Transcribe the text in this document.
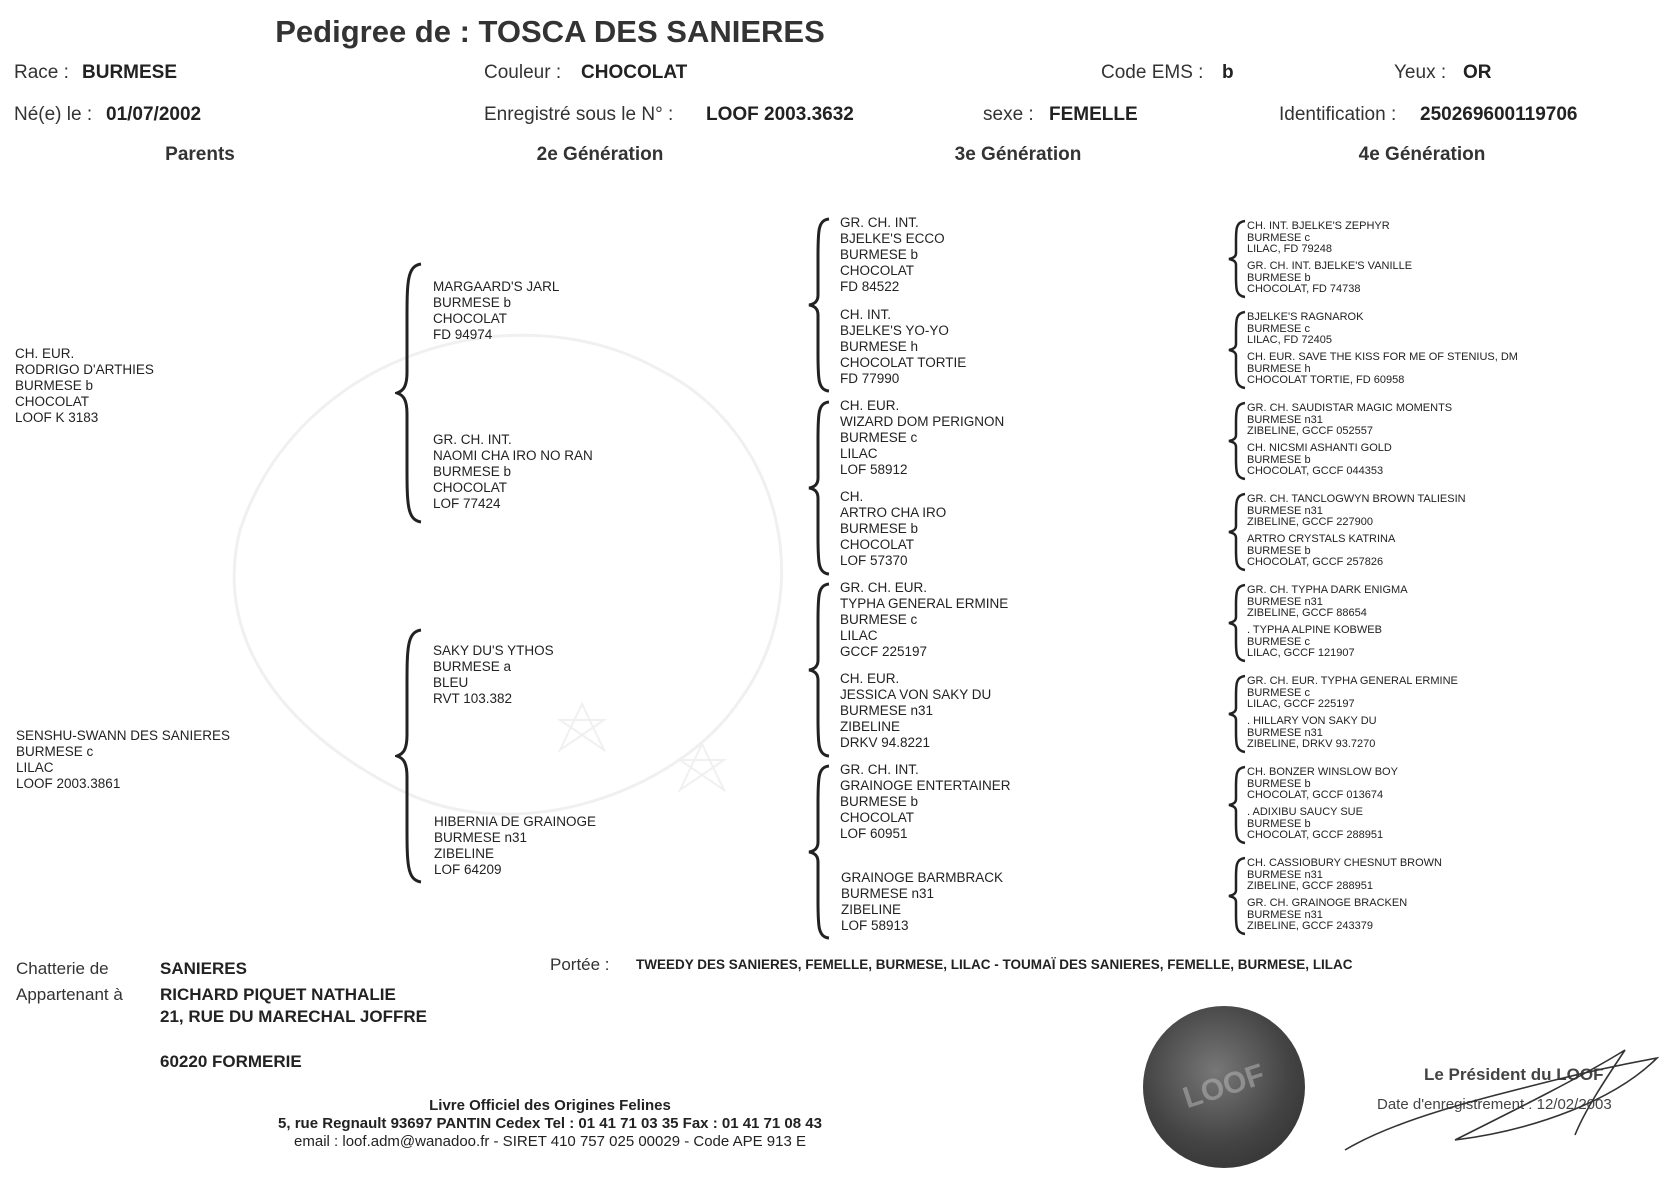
Pedigree de : TOSCA DES SANIERES
Race : BURMESE	Couleur : CHOCOLAT	Code EMS : b	Yeux : OR
Né(e) le : 01/07/2002	Enregistré sous le N° : LOOF 2003.3632	sexe : FEMELLE	Identification : 250269600119706
Parents	2e Génération	3e Génération	4e Génération
CH. EUR.
RODRIGO D'ARTHIES
BURMESE b
CHOCOLAT
LOOF K 3183
SENSHU-SWANN DES SANIERES
BURMESE c
LILAC
LOOF 2003.3861
MARGAARD'S JARL
BURMESE b
CHOCOLAT
FD 94974
GR. CH. INT.
NAOMI CHA IRO NO RAN
BURMESE b
CHOCOLAT
LOF 77424
SAKY DU'S YTHOS
BURMESE a
BLEU
RVT 103.382
HIBERNIA DE GRAINOGE
BURMESE n31
ZIBELINE
LOF 64209
GR. CH. INT.
BJELKE'S ECCO
BURMESE b
CHOCOLAT
FD 84522
CH. INT.
BJELKE'S YO-YO
BURMESE h
CHOCOLAT TORTIE
FD 77990
CH. EUR.
WIZARD DOM PERIGNON
BURMESE c
LILAC
LOF 58912
CH.
ARTRO CHA IRO
BURMESE b
CHOCOLAT
LOF 57370
GR. CH. EUR.
TYPHA GENERAL ERMINE
BURMESE c
LILAC
GCCF 225197
CH. EUR.
JESSICA VON SAKY DU
BURMESE n31
ZIBELINE
DRKV 94.8221
GR. CH. INT.
GRAINOGE ENTERTAINER
BURMESE b
CHOCOLAT
LOF 60951
GRAINOGE BARMBRACK
BURMESE n31
ZIBELINE
LOF 58913
CH. INT. BJELKE'S ZEPHYR
BURMESE c
LILAC, FD 79248
GR. CH. INT. BJELKE'S VANILLE
BURMESE b
CHOCOLAT, FD 74738
BJELKE'S RAGNAROK
BURMESE c
LILAC, FD 72405
CH. EUR. SAVE THE KISS FOR ME OF STENIUS, DM
BURMESE h
CHOCOLAT TORTIE, FD 60958
GR. CH. SAUDISTAR MAGIC MOMENTS
BURMESE n31
ZIBELINE, GCCF 052557
CH. NICSMI ASHANTI GOLD
BURMESE b
CHOCOLAT, GCCF 044353
GR. CH. TANCLOGWYN BROWN TALIESIN
BURMESE n31
ZIBELINE, GCCF 227900
ARTRO CRYSTALS KATRINA
BURMESE b
CHOCOLAT, GCCF 257826
GR. CH. TYPHA DARK ENIGMA
BURMESE n31
ZIBELINE, GCCF 88654
. TYPHA ALPINE KOBWEB
BURMESE c
LILAC, GCCF 121907
GR. CH. EUR. TYPHA GENERAL ERMINE
BURMESE c
LILAC, GCCF 225197
. HILLARY VON SAKY DU
BURMESE n31
ZIBELINE, DRKV 93.7270
CH. BONZER WINSLOW BOY
BURMESE b
CHOCOLAT, GCCF 013674
. ADIXIBU SAUCY SUE
BURMESE b
CHOCOLAT, GCCF 288951
CH. CASSIOBURY CHESNUT BROWN
BURMESE n31
ZIBELINE, GCCF 288951
GR. CH. GRAINOGE BRACKEN
BURMESE n31
ZIBELINE, GCCF 243379
Chatterie de	SANIERES
Appartenant à RICHARD PIQUET NATHALIE
21, RUE DU MARECHAL JOFFRE
60220 FORMERIE
Portée : TWEEDY DES SANIERES, FEMELLE, BURMESE, LILAC - TOUMAÏ DES SANIERES, FEMELLE, BURMESE, LILAC
LOOF	Le Président du LOOF
Date d'enregistrement : 12/02/2003
Livre Officiel des Origines Felines
5, rue Regnault 93697 PANTIN Cedex Tel : 01 41 71 03 35 Fax : 01 41 71 08 43
email : loof.adm@wanadoo.fr - SIRET 410 757 025 00029 - Code APE 913 E
